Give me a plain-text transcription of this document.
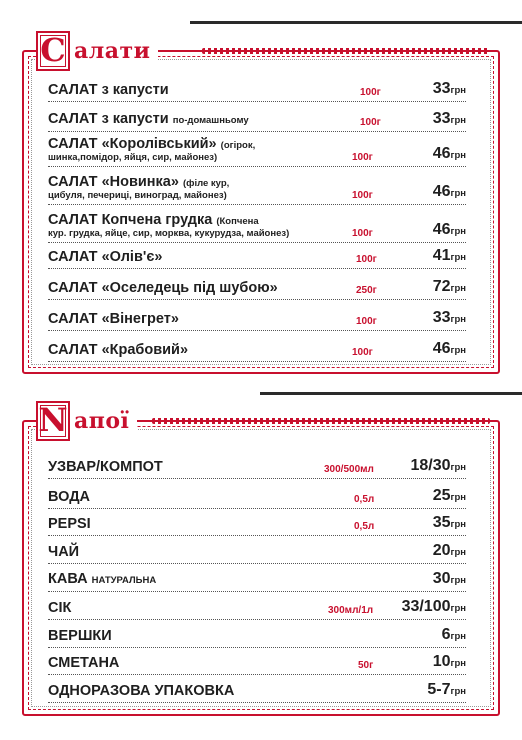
С алати
САЛАТ з капусти	100г	33грн
САЛАТ з капусти по-домашньому	100г	33грн
САЛАТ «Королівський» (огірок,
шинка,помідор, яйця, сир, майонез)	100г	46грн
САЛАТ «Новинка» (філе кур,
цибуля, печериці, виноград, майонез)	100г	46грн
САЛАТ Копчена грудка (Копчена
кур. грудка, яйце, сир, морква, кукурудза, майонез)	100г	46грн
САЛАТ «Олів'є»	100г	41грн
САЛАТ «Оселедець під шубою»	250г	72грн
САЛАТ «Вінегрет»	100г	33грн
САЛАТ «Крабовий»	100г	46грн
N апої
УЗВАР/КОМПОТ	300/500мл 18/30грн
ВОДА	0,5л	25грн
PEPSI	0,5л	35грн
ЧАЙ	20грн
КАВА НАТУРАЛЬНА	30грн
СІК	300мл/1л 33/100грн
ВЕРШКИ	6грн
СМЕТАНА	50г	10грн
ОДНОРАЗОВА УПАКОВКА	5-7грн
